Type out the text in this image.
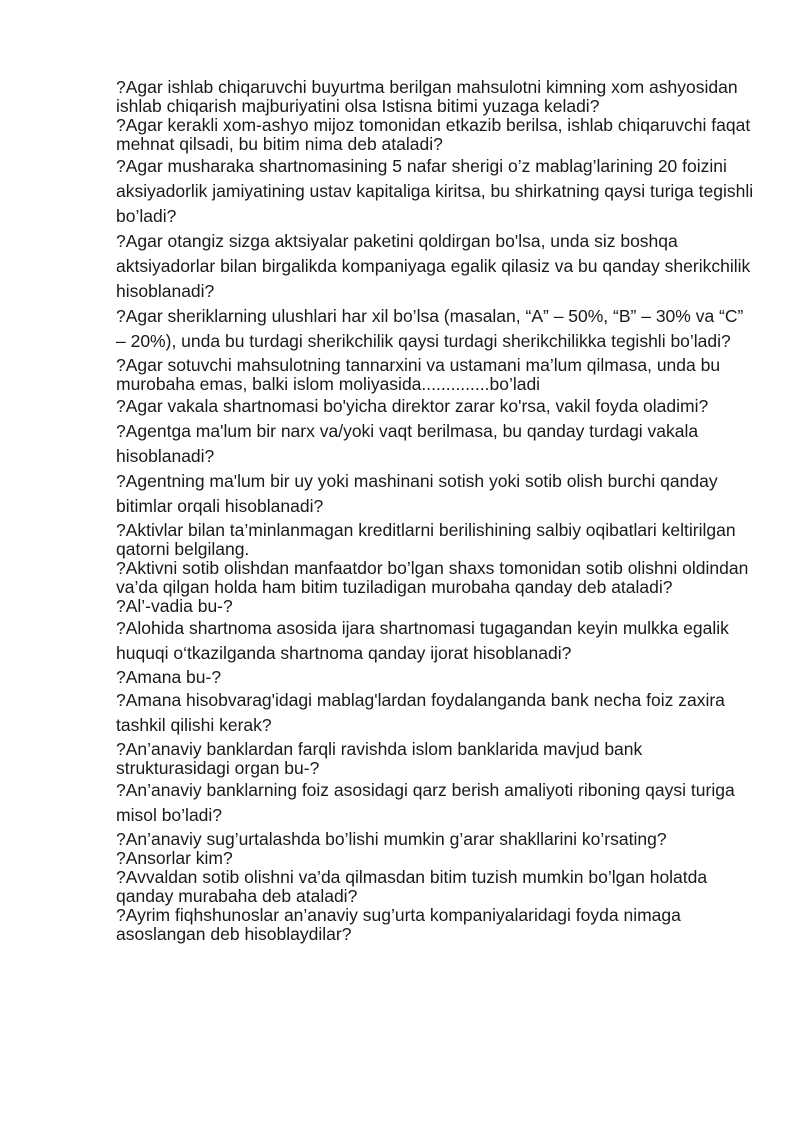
?Agar ishlab chiqaruvchi buyurtma berilgan mahsulotni kimning xom ashyosidan ishlab chiqarish majburiyatini olsa Istisna bitimi yuzaga keladi?

?Agar kerakli xom-ashyo mijoz tomonidan etkazib berilsa, ishlab chiqaruvchi faqat mehnat qilsadi, bu bitim nima deb ataladi?

?Agar musharaka shartnomasining 5 nafar sherigi o’z mablag’larining 20 foizini aksiyadorlik jamiyatining ustav kapitaliga kiritsa, bu shirkatning qaysi turiga tegishli bo’ladi?

?Agar otangiz sizga aktsiyalar paketini qoldirgan bo'lsa, unda siz boshqa aktsiyadorlar bilan birgalikda kompaniyaga egalik qilasiz va bu qanday sherikchilik hisoblanadi?

?Agar sheriklarning ulushlari har xil bo’lsa (masalan, “A” – 50%, “B” – 30% va “C” – 20%), unda bu turdagi sherikchilik qaysi turdagi sherikchilikka tegishli bo’ladi?

?Agar sotuvchi mahsulotning tannarxini va ustamani ma’lum qilmasa, unda bu murobaha emas, balki islom moliyasida..............bo’ladi

?Agar vakala shartnomasi bo'yicha direktor zarar ko'rsa, vakil foyda oladimi?

?Agentga ma'lum bir narx va/yoki vaqt berilmasa, bu qanday turdagi vakala hisoblanadi?

?Agentning ma'lum bir uy yoki mashinani sotish yoki sotib olish burchi qanday bitimlar orqali hisoblanadi?

?Aktivlar bilan ta’minlanmagan kreditlarni berilishining salbiy oqibatlari keltirilgan qatorni belgilang.

?Aktivni sotib olishdan manfaatdor bo’lgan shaxs tomonidan sotib olishni oldindan va’da qilgan holda ham bitim tuziladigan murobaha qanday deb ataladi?

?Al’-vadia bu-?

?Alohida shartnoma asosida ijara shartnomasi tugagandan keyin mulkka egalik huquqi o‘tkazilganda shartnoma qanday ijorat hisoblanadi?

?Amana bu-?

?Amana hisobvarag'idagi mablag'lardan foydalanganda bank necha foiz zaxira tashkil qilishi kerak?

?An’anaviy banklardan farqli ravishda islom banklarida mavjud bank strukturasidagi organ bu-?

?An’anaviy banklarning foiz asosidagi qarz berish amaliyoti riboning qaysi turiga misol bo’ladi?

?An’anaviy sug’urtalashda bo’lishi mumkin g’arar shakllarini ko’rsating?

?Ansorlar kim?

?Avvaldan sotib olishni va’da qilmasdan bitim tuzish mumkin bo’lgan holatda qanday murabaha deb ataladi?

?Ayrim fiqhshunoslar an’anaviy sug’urta kompaniyalaridagi foyda nimaga asoslangan deb hisoblaydilar?
